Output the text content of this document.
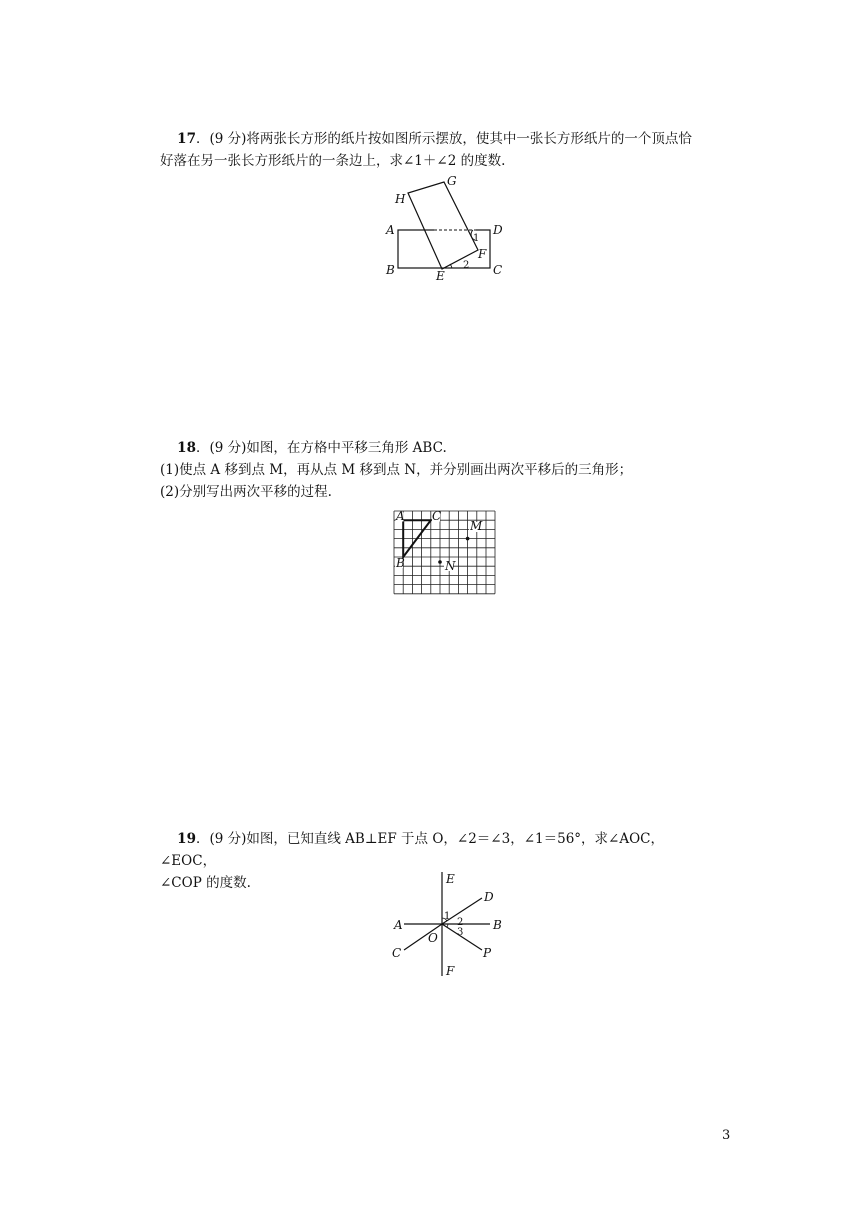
17．(9 分)将两张长方形的纸片按如图所示摆放，使其中一张长方形纸片的一个顶点恰

好落在另一张长方形纸片的一条边上，求∠1＋∠2 的度数.

G
H
A	D
B	E
F
C
1
2

18．(9 分)如图，在方格中平移三角形 ABC.

(1)使点 A 移到点 M，再从点 M 移到点 N，并分别画出两次平移后的三角形；

(2)分别写出两次平移的过程.

A C
B
M
N

19．(9 分)如图，已知直线 AB⊥EF 于点 O，∠2＝∠3，∠1＝56°，求∠AOC，∠EOC，

∠COP 的度数.	E
D
A	B
O
C	P
F
1
2
3
3
